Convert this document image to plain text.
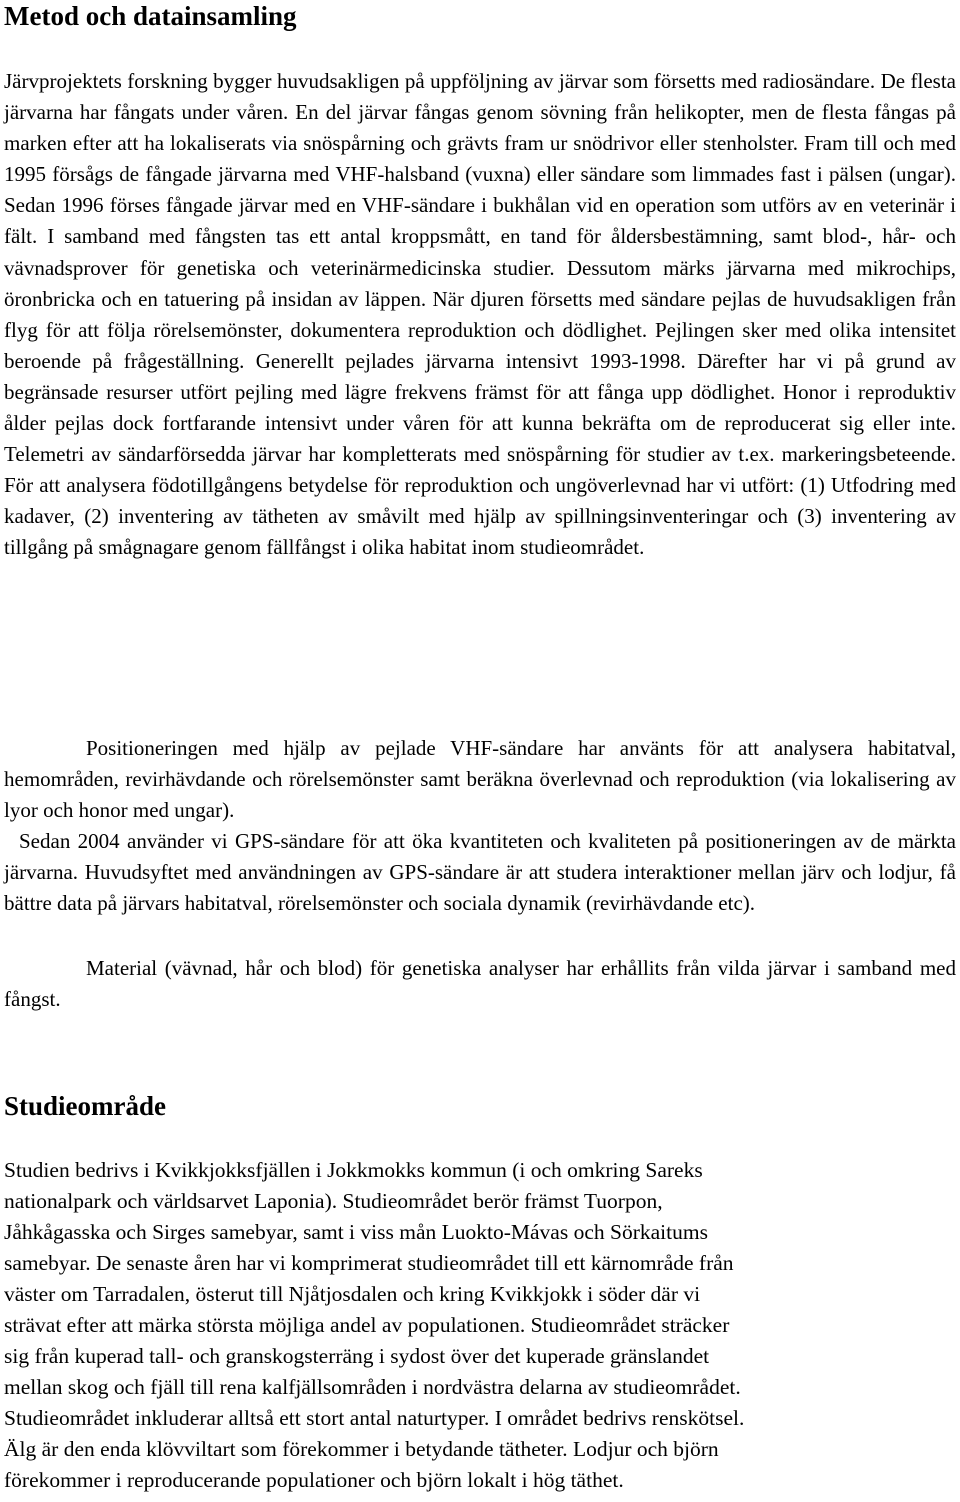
Metod och datainsamling

Järvprojektets forskning bygger huvudsakligen på uppföljning av järvar som försetts med radiosändare. De flesta järvarna har fångats under våren. En del järvar fångas genom sövning från helikopter, men de flesta fångas på marken efter att ha lokaliserats via snöspårning och grävts fram ur snödrivor eller stenholster. Fram till och med 1995 försågs de fångade järvarna med VHF-halsband (vuxna) eller sändare som limmades fast i pälsen (ungar). Sedan 1996 förses fångade järvar med en VHF-sändare i bukhålan vid en operation som utförs av en veterinär i fält. I samband med fångsten tas ett antal kroppsmått, en tand för åldersbestämning, samt blod-, hår- och vävnadsprover för genetiska och veterinärmedicinska studier. Dessutom märks järvarna med mikrochips, öronbricka och en tatuering på insidan av läppen. När djuren försetts med sändare pejlas de huvudsakligen från flyg för att följa rörelsemönster, dokumentera reproduktion och dödlighet. Pejlingen sker med olika intensitet beroende på frågeställning. Generellt pejlades järvarna intensivt 1993-1998. Därefter har vi på grund av begränsade resurser utfört pejling med lägre frekvens främst för att fånga upp dödlighet. Honor i reproduktiv ålder pejlas dock fortfarande intensivt under våren för att kunna bekräfta om de reproducerat sig eller inte. Telemetri av sändarförsedda järvar har kompletterats med snöspårning för studier av t.ex. markeringsbeteende. För att analysera födotillgångens betydelse för reproduktion och ungöverlevnad har vi utfört: (1) Utfodring med kadaver, (2) inventering av tätheten av småvilt med hjälp av spillningsinventeringar och (3) inventering av tillgång på smågnagare genom fällfångst i olika habitat inom studieområdet.

Positioneringen med hjälp av pejlade VHF-sändare har använts för att analysera habitatval, hemområden, revirhävdande och rörelsemönster samt beräkna överlevnad och reproduktion (via lokalisering av lyor och honor med ungar).

Sedan 2004 använder vi GPS-sändare för att öka kvantiteten och kvaliteten på positioneringen av de märkta järvarna. Huvudsyftet med användningen av GPS-sändare är att studera interaktioner mellan järv och lodjur, få bättre data på järvars habitatval, rörelsemönster och sociala dynamik (revirhävdande etc).

Material (vävnad, hår och blod) för genetiska analyser har erhållits från vilda järvar i samband med fångst.

Studieområde
Studien bedrivs i Kvikkjokksfjällen i Jokkmokks kommun (i och omkring Sareks
nationalpark och världsarvet Laponia). Studieområdet berör främst Tuorpon,
Jåhkågasska och Sirges samebyar, samt i viss mån Luokto-Mávas och Sörkaitums
samebyar. De senaste åren har vi komprimerat studieområdet till ett kärnområde från
väster om Tarradalen, österut till Njåtjosdalen och kring Kvikkjokk i söder där vi
strävat efter att märka största möjliga andel av populationen. Studieområdet sträcker
sig från kuperad tall- och granskogsterräng i sydost över det kuperade gränslandet
mellan skog och fjäll till rena kalfjällsområden i nordvästra delarna av studieområdet.
Studieområdet inkluderar alltså ett stort antal naturtyper. I området bedrivs renskötsel.
Älg är den enda klövviltart som förekommer i betydande tätheter. Lodjur och björn
förekommer i reproducerande populationer och björn lokalt i hög täthet.
